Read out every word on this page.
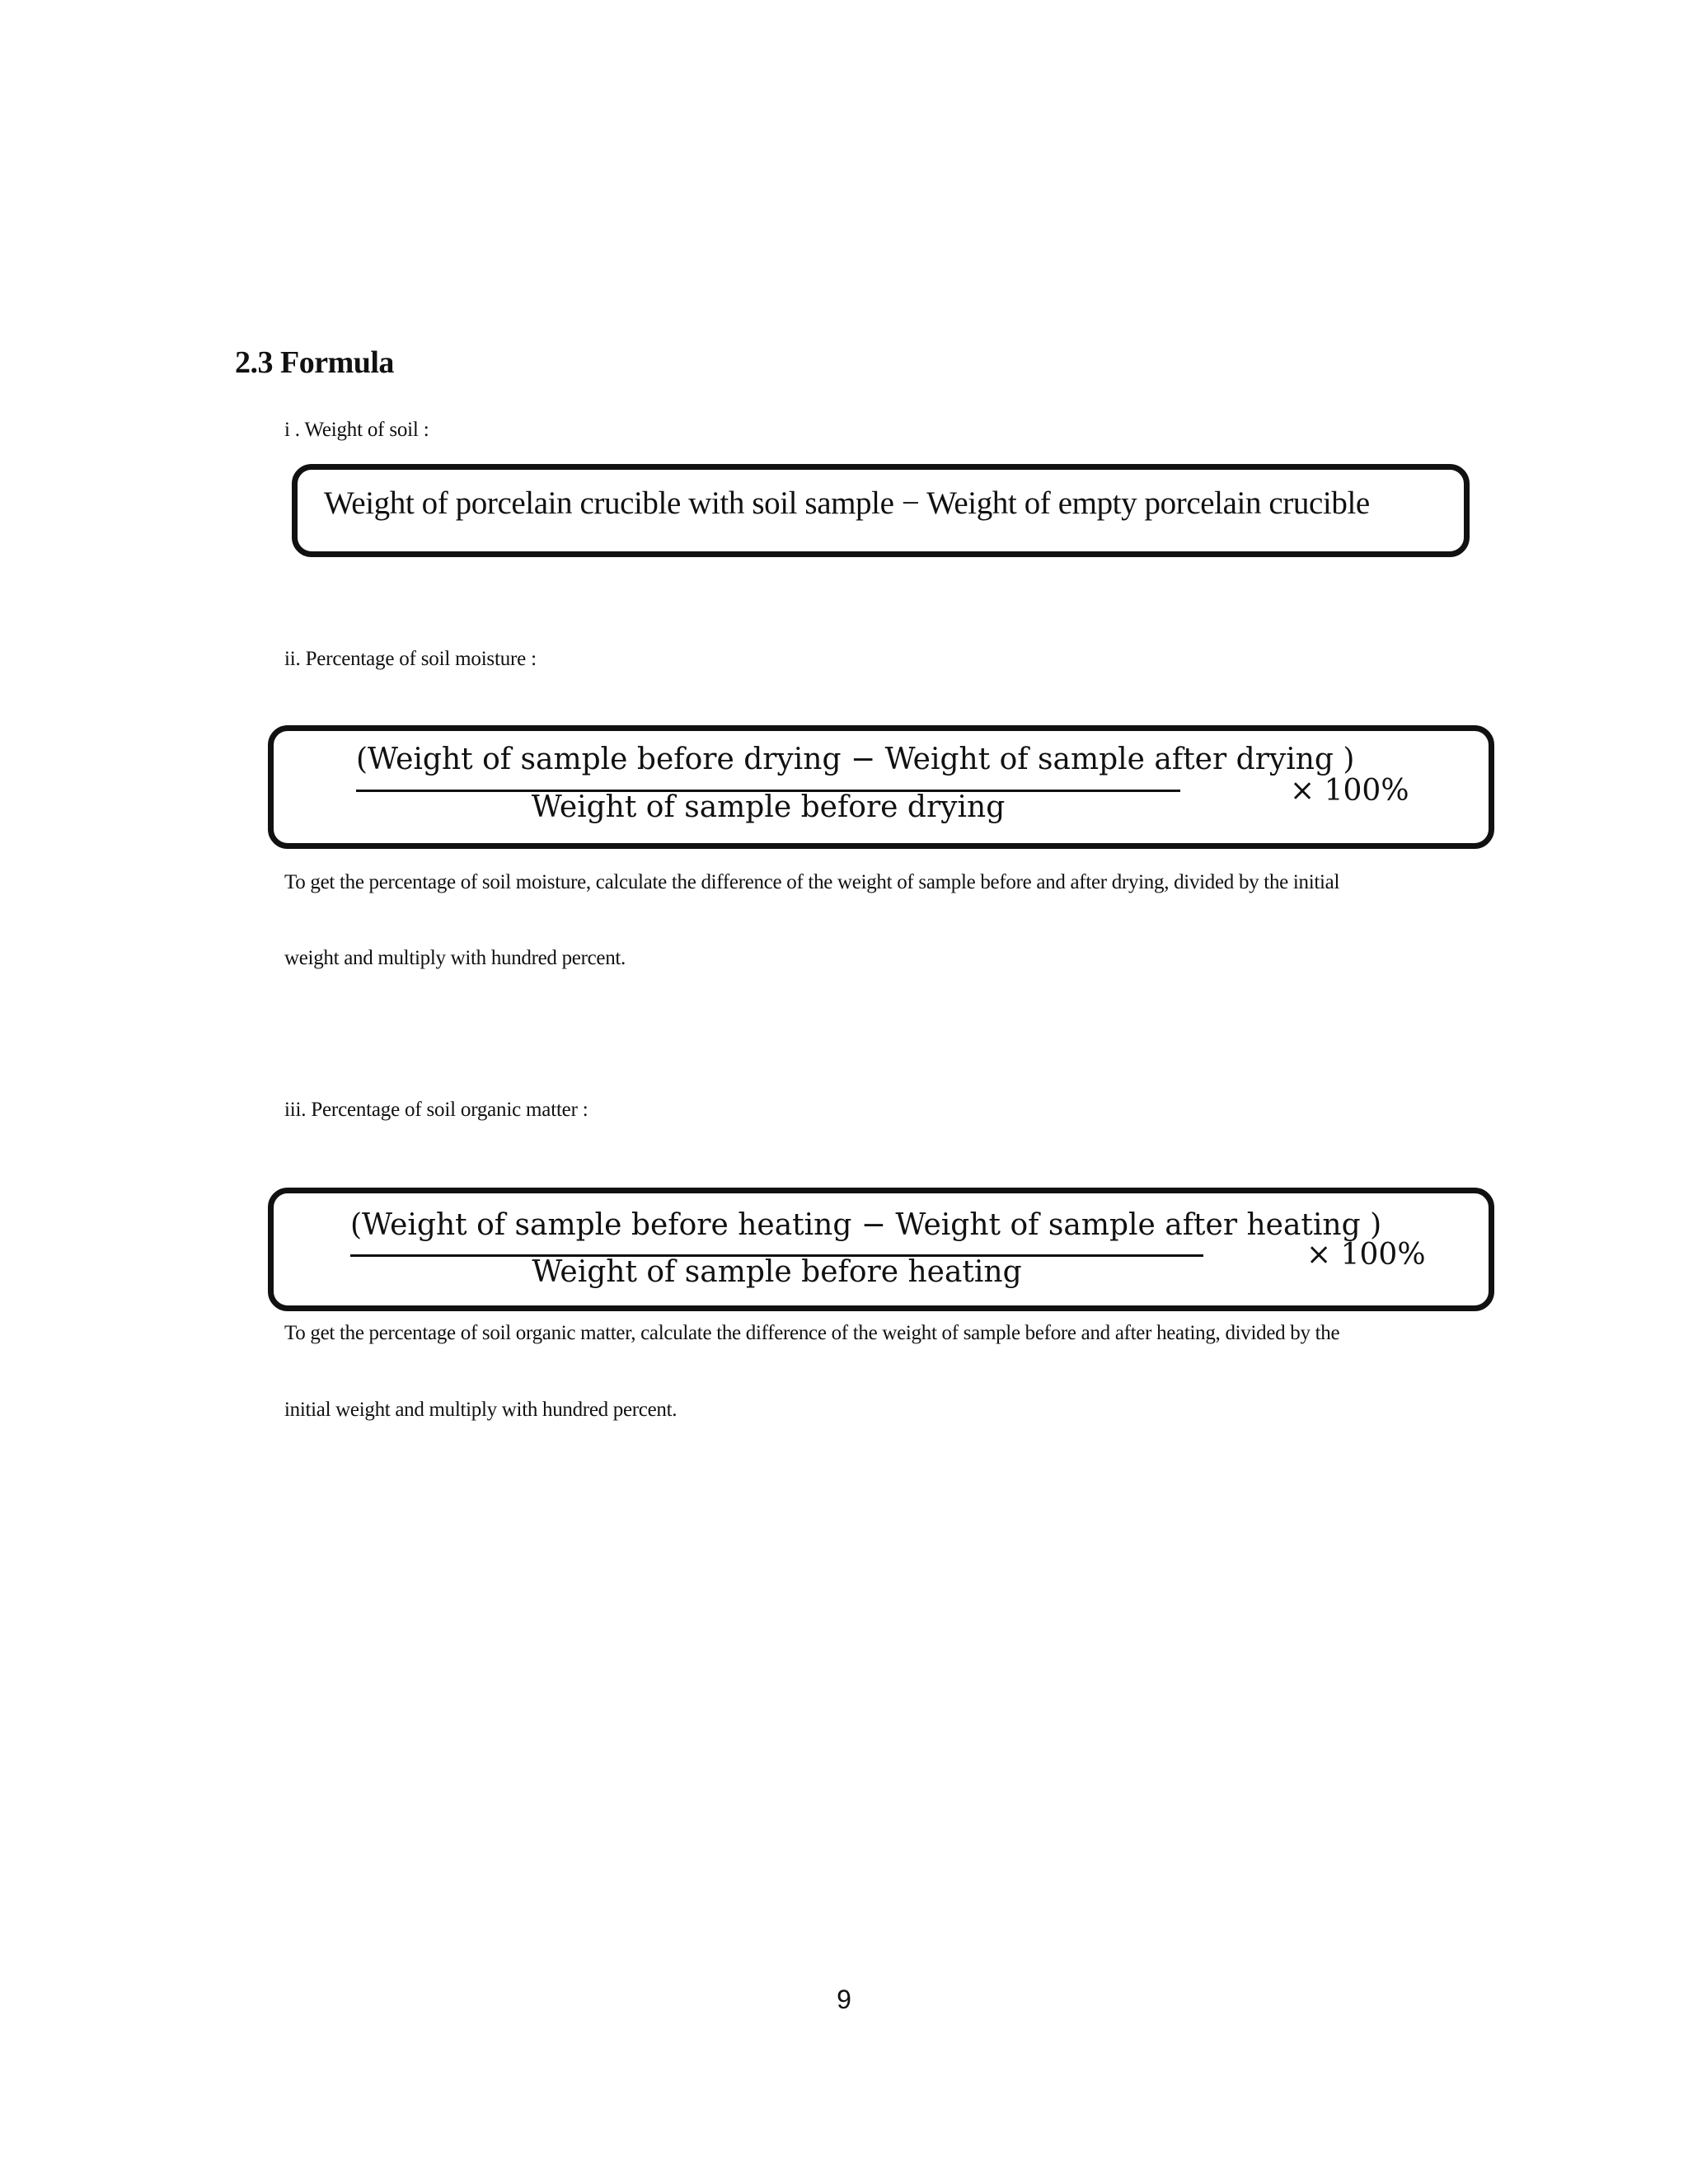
2.3 Formula
i . Weight of soil :
Weight of porcelain crucible with soil sample − Weight of empty porcelain crucible
ii. Percentage of soil moisture :
(Weight of sample before drying − Weight of sample after drying )
Weight of sample before drying	× 100%
To get the percentage of soil moisture, calculate the difference of the weight of sample before and after drying, divided by the initial
weight and multiply with hundred percent.
iii. Percentage of soil organic matter :
(Weight of sample before heating − Weight of sample after heating )
Weight of sample before heating
× 100%
To get the percentage of soil organic matter, calculate the difference of the weight of sample before and after heating, divided by the
initial weight and multiply with hundred percent.
9
